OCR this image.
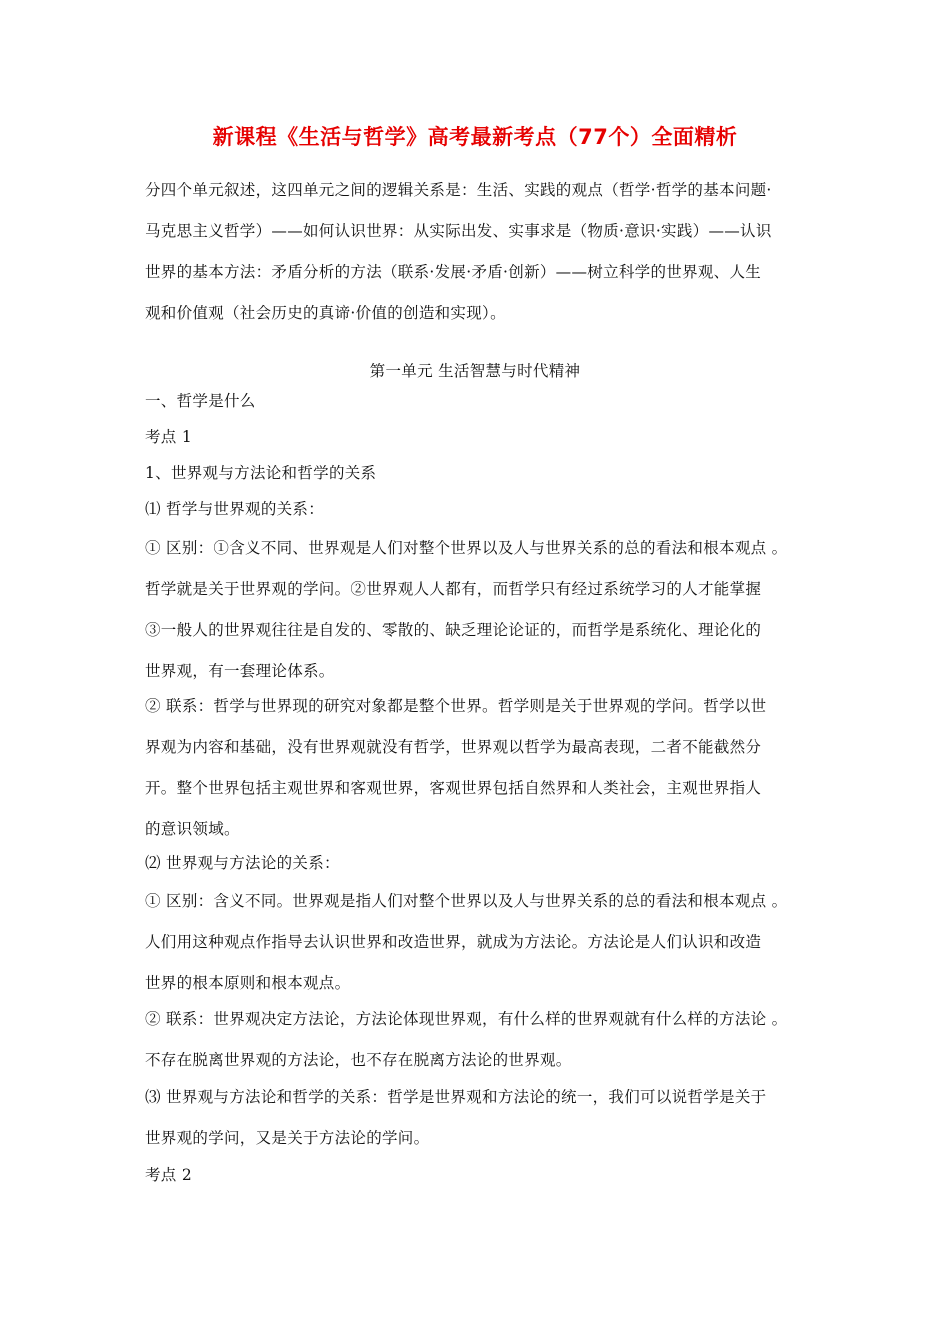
新课程《生活与哲学》高考最新考点（77个）全面精析
分四个单元叙述，这四单元之间的逻辑关系是：生活、实践的观点（哲学·哲学的基本问题·
马克思主义哲学）——如何认识世界：从实际出发、实事求是（物质·意识·实践）——认识
世界的基本方法：矛盾分析的方法（联系·发展·矛盾·创新）——树立科学的世界观、人生
观和价值观（社会历史的真谛·价值的创造和实现）。
第一单元 生活智慧与时代精神
一、哲学是什么
考点 1
1、世界观与方法论和哲学的关系
⑴ 哲学与世界观的关系：
① 区别：①含义不同、世界观是人们对整个世界以及人与世界关系的总的看法和根本观点 。
哲学就是关于世界观的学问。②世界观人人都有，而哲学只有经过系统学习的人才能掌握
③一般人的世界观往往是自发的、零散的、缺乏理论论证的，而哲学是系统化、理论化的
世界观，有一套理论体系。
② 联系：哲学与世界现的研究对象都是整个世界。哲学则是关于世界观的学问。哲学以世
界观为内容和基础，没有世界观就没有哲学，世界观以哲学为最高表现，二者不能截然分
开。整个世界包括主观世界和客观世界，客观世界包括自然界和人类社会，主观世界指人
的意识领域。
⑵ 世界观与方法论的关系：
① 区别：含义不同。世界观是指人们对整个世界以及人与世界关系的总的看法和根本观点 。
人们用这种观点作指导去认识世界和改造世界，就成为方法论。方法论是人们认识和改造
世界的根本原则和根本观点。
② 联系：世界观决定方法论，方法论体现世界观，有什么样的世界观就有什么样的方法论 。
不存在脱离世界观的方法论，也不存在脱离方法论的世界观。
⑶ 世界观与方法论和哲学的关系：哲学是世界观和方法论的统一，我们可以说哲学是关于
世界观的学问，又是关于方法论的学问。
考点 2
